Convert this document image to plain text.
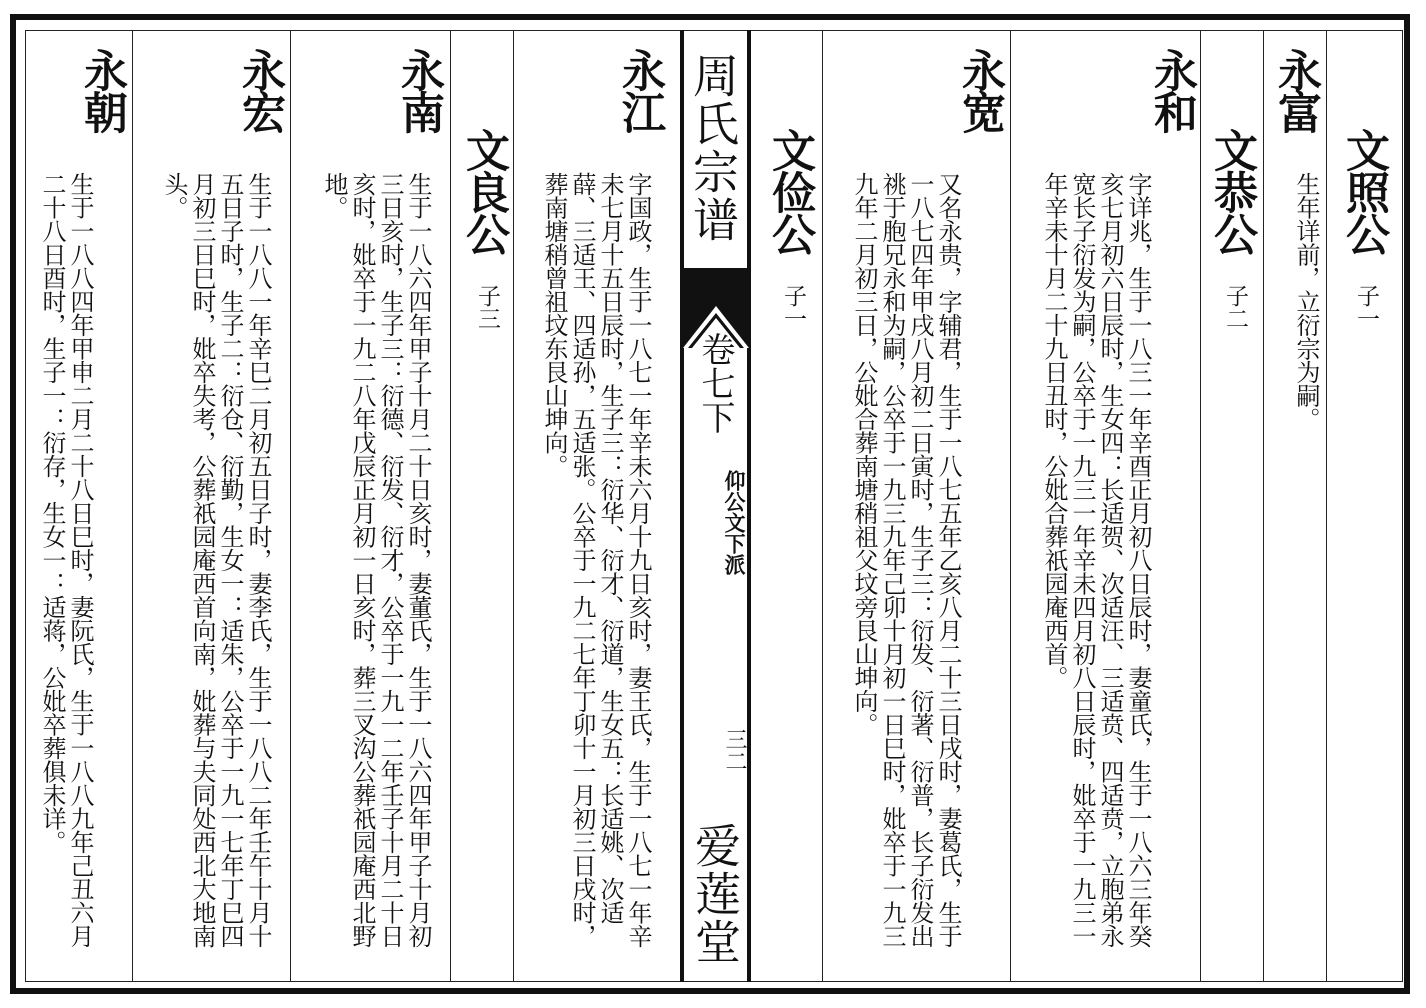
周氏宗谱
卷七下
仰公文下派
三二
爱莲堂
文照公
子一
永富
生年详前，立衍宗为嗣。
文恭公
子二
永和
字详兆，生于一八三一年辛酉正月初八日辰时，妻童氏，生于一八六三年癸亥七月初六日辰时，生女四：长适贺、次适汪、三适贲、四适贲，立胞弟永宽长子衍发为嗣，公卒于一九三一年辛未四月初八日辰时，妣卒于一九三一年辛未十月二十九日丑时，公妣合葬祇园庵西首。
永宽
又名永贵，字辅君，生于一八七五年乙亥八月二十三日戌时，妻葛氏，生于一八七四年甲戌八月初二日寅时，生子三：衍发、衍著、衍普，长子衍发出祧于胞兄永和为嗣，公卒于一九三九年己卯十月初一日巳时，妣卒于一九三九年二月初三日，公妣合葬南塘稍祖父坟旁艮山坤向。
文俭公
子一
永江
字国政，生于一八七一年辛未六月十九日亥时，妻王氏，生于一八七一年辛未七月十五日辰时，生子三：衍华、衍才、衍道，生女五：长适姚、次适薛、三适王、四适孙，五适张。公卒于一九二七年丁卯十一月初三日戌时，葬南塘稍曾祖坟东艮山坤向。
文良公
子三
永南
生于一八六四年甲子十月二十日亥时，妻董氏，生于一八六四年甲子十月初三日亥时，生子三：衍德、衍发、衍才，公卒于一九一二年壬子十月二十日亥时，妣卒于一九二八年戊辰正月初一日亥时，葬三叉沟公葬祇园庵西北野地。
永宏
生于一八八一年辛巳二月初五日子时，妻李氏，生于一八八二年壬午十月十五日子时，生子二：衍仓、衍勤，生女一：适朱，公卒于一九一七年丁巳四月初三日巳时，妣卒失考，公葬祇园庵西首向南，妣葬与夫同处西北大地南头。
永朝
生于一八八四年甲申二月二十八日巳时，妻阮氏，生于一八八九年己丑六月二十八日酉时，生子一：衍存，生女一：适蒋，公妣卒葬俱未详。
